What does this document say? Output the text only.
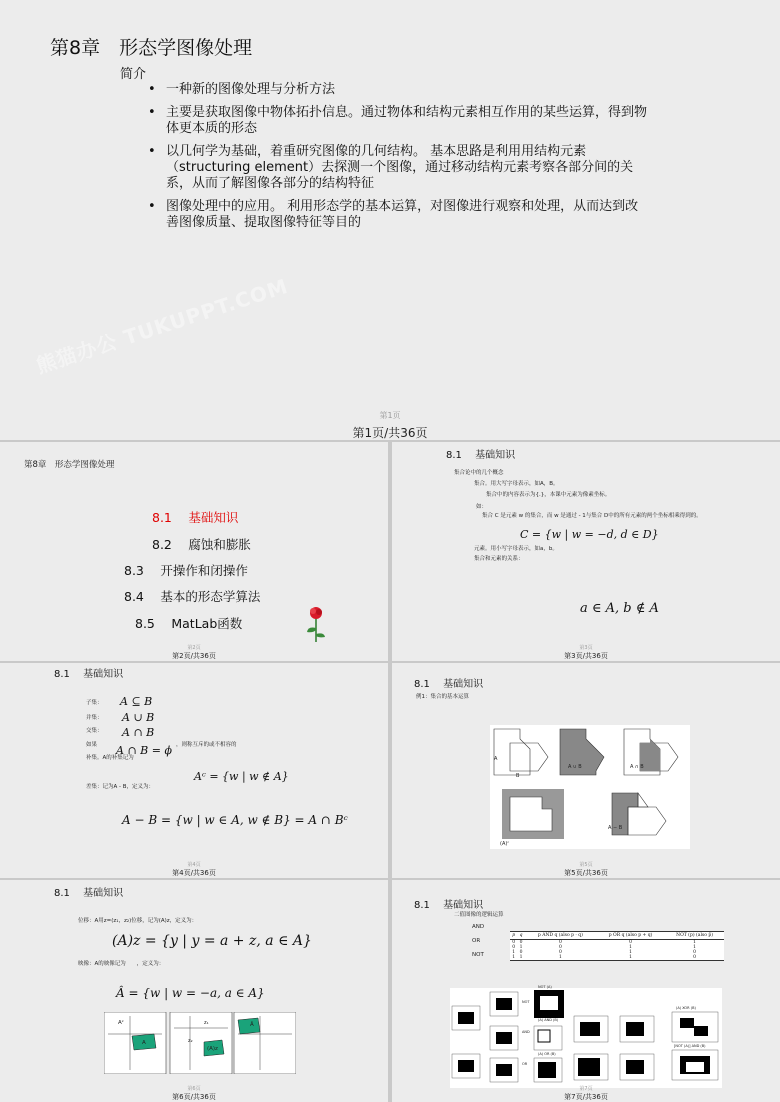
第8章　形态学图像处理
简介
• 一种新的图像处理与分析方法
• 主要是获取图像中物体拓扑信息。通过物体和结构元素相互作用的某些运算，得到物体更本质的形态
• 以几何学为基础，着重研究图像的几何结构。 基本思路是利用用结构元素（structuring element）去探测一个图像，通过移动结构元素考察各部分间的关系，从而了解图像各部分的结构特征
• 图像处理中的应用。 利用形态学的基本运算，对图像进行观察和处理，从而达到改善图像质量、提取图像特征等目的
熊猫办公 TUKUPPT.COM
第1页
第1页/共36页
第8章　形态学图像处理
8.1　 基础知识
8.2　 腐蚀和膨胀
8.3　 开操作和闭操作
8.4　 基本的形态学算法
8.5　 MatLab函数
第2页
第2页/共36页
8.1　 基础知识
集合论中的几个概念
集合。用大写字母表示，如A，B。
集合中的内容表示为{.}，本课中元素为像素坐标。
如：
集合 C 是元素 w 的集合，而 w 是通过 - 1与集合 D中的所有元素的两个坐标相乘得到的。
C = {w | w = −d, d ∈ D}
元素。用小写字母表示，如a，b。
集合和元素的关系：
a ∈ A, b ∉ A
第3页
第3页/共36页
8.1　 基础知识
子集： A ⊆ B
并集： A ∪ B
交集： A ∩ B
如果	，则称互斥的或不相容的
A ∩ B = ϕ
补集。A的补集记为
Aᶜ = {w | w ∉ A}
差集：记为A - B，定义为：
A − B = {w | w ∈ A, w ∉ B} = A ∩ Bᶜ
第4页
第4页/共36页
8.1　 基础知识
例1：集合的基本运算
A
B
A ∪ B	A ∩ B
(A)ᶜ
A − B
第5页
第5页/共36页
8.1　 基础知识
位移：A用z=(z₁，z₂)位移，记为(A)z，定义为：
(A)z = {y | y = a + z, a ∈ A}
映像：A的映像记为　　，定义为：
Â = {w | w = −a, a ∈ A}
Aᶻ
A
z₁
z₂
(A)z
Â
第6页
第6页/共36页
8.1　 基础知识
二值图像的逻辑运算
AND
OR
NOT
p	q	p AND q (also p · q)	p OR q (also p + q)	NOT (p) (also p̄)
0	0	0	0	1
0	1	0	1	1
1	0	0	1	0
1	1	1	1	0
NOT (A)
NOT
AND
OR
(A) AND (B)
(A) OR (B)
(A) XOR (B)
[NOT (A)] AND (B)
第7页
第7页/共36页
